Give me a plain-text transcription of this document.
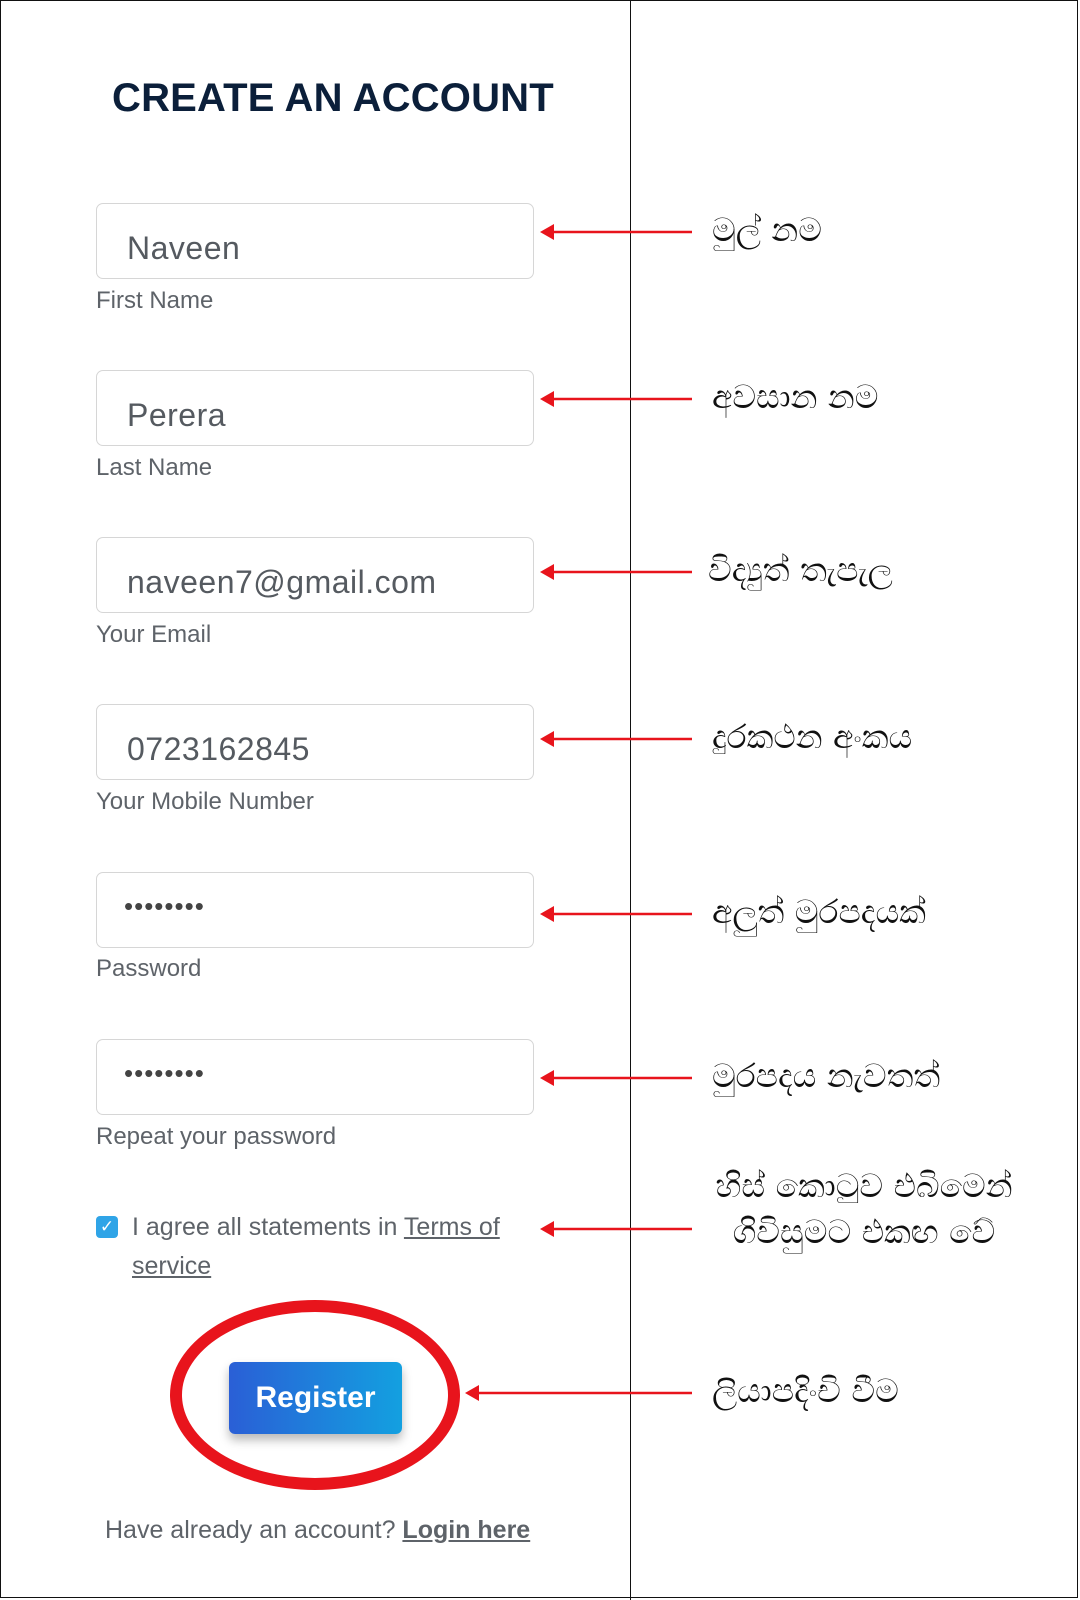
CREATE AN ACCOUNT
Naveen
First Name
Perera
Last Name
naveen7@gmail.com
Your Email
0723162845
Your Mobile Number
••••••••
Password
••••••••
Repeat your password
✓ I agree all statements in Terms of service
Register
Have already an account? Login here
මුල් නම
අවසාන නම
විද්‍යුත් තැපැල
දුරකථන අංකය
අලුත් මුරපදයක්
මුරපදය නැවතත්
හිස් කොටුව එබිමෙන් ගිවිසුමට එකඟ වේ
ලියාපදිංචි වීම
